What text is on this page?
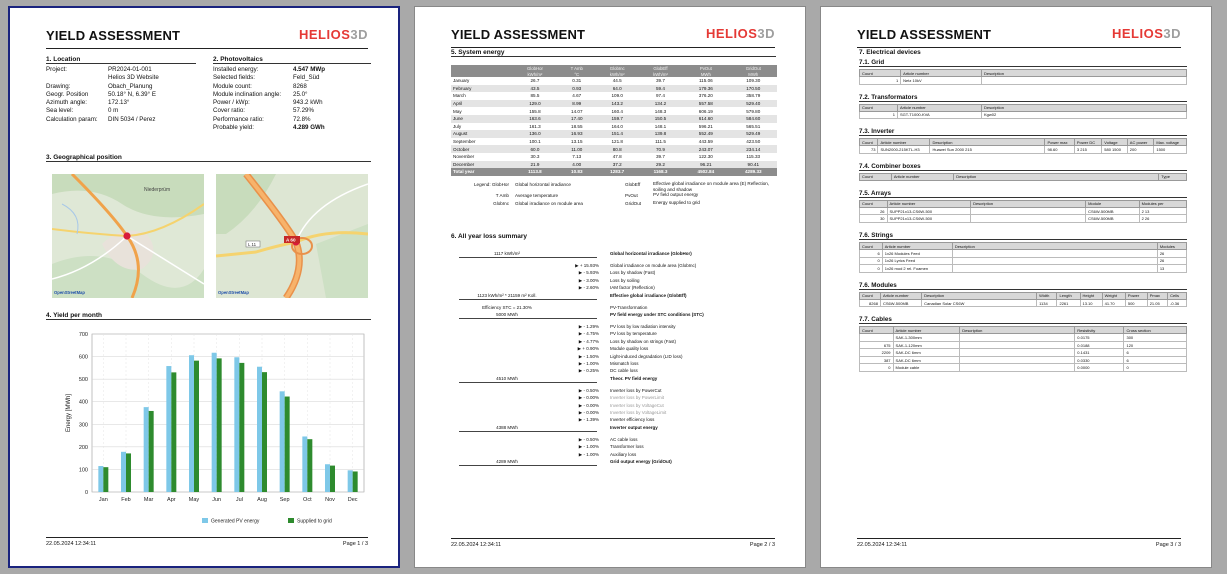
YIELD ASSESSMENT	HELIOS3D
1. Location
Project:	PR2024-01-001
Helios 3D Website
Drawing:	Obach_Planung
Geogr. Position	50.18° N, 6.39° E
Azimuth angle:	172.13°
Sea level:	0 m
Calculation param:	DIN 5034 / Perez
2. Photovoltaics
Installed energy:	4.547 MWp
Selected fields:	Feld_Süd
Module count:	8268
Module inclination angle:	25.0°
Power / kWp:	943.2 kWh
Cover ratio:	57.29%
Performance ratio:	72.8%
Probable yield:	4.289 GWh
3. Geographical position
Niederprüm
OpenStreetMap
A 60
L 11
OpenStreetMap
4. Yield per month
0
100
200
300
400
500
600
700
Jan Feb Mar Apr May Jun	Jul	Aug Sep Oct Nov Dec
Energy [MWh]
Generated PV energy	Supplied to grid
22.05.2024 12:34:11	Page 1 / 3
YIELD ASSESSMENT	HELIOS3D
5. System energy
	GlobHor	T Amb	GlobInc	GlobEff	PvOut	GridOut
	kWh/m²	°C	kWh/m²	kWh/m²	MWh	MWh
January	26.7	0.31	44.5	39.7	115.06	109.30
February	43.5	0.93	64.0	59.4	179.36	170.50
March	85.5	4.67	109.0	97.4	376.20	358.79
April	129.0	8.99	143.2	134.2	557.58	529.40
May	155.8	14.07	160.4	148.3	606.19	579.80
June	163.6	17.40	159.7	150.5	614.60	584.60
July	161.3	18.55	164.0	148.1	596.21	565.51
August	136.0	16.93	151.4	139.8	552.49	529.49
September	100.1	13.15	121.8	111.5	443.59	423.50
October	60.0	11.00	80.8	70.9	243.07	234.14
November	30.3	7.13	47.8	39.7	122.30	115.33
December	21.9	4.00	37.2	29.2	96.21	90.41
Total year	1113.8	10.83	1283.7	1168.3	4502.84	4289.33
Legend: GlobHor	Global horizontal irradiance	GlobEff	Effective global irradiance on module area (E) Reflection, soiling and shadow
T Amb	Average temperature	PvOut	PV field output energy
GlobInc	Global irradiance on module area	GridOut	Energy supplied to grid
6. All year loss summary
1117 kWh/m²	Global horizontal irradiance (GlobHor)
▶ + 15.93% Global irradiance on module area (GlobInc)
▶ - 5.93% Loss by shadow (Fast)
▶ - 3.00% Loss by soiling
▶ - 2.60% IAM factor (Reflection)
1123 kWh/m² * 21159 m² Koll.	Effective global irradiance (GlobEff)
Efficiency STC = 21.30%	PV-Transformation
5000 MWh	PV field energy under STC conditions (STC)
▶ - 1.29% PV loss by low radiation intensity
▶ - 4.75% PV loss by temperature
▶ - 4.77% Loss by shadow on strings (Fast)
▶ + 0.90% Module quality loss
▶ - 1.50% Light-induced degradation (LID loss)
▶ - 1.00% Mismatch loss
▶ - 0.25% DC cable loss
4510 MWh	Theor. PV field energy
▶ - 0.50% Inverter loss by PowerCut
▶ - 0.00% Inverter loss by PowerLimit
▶ - 0.00% Inverter loss by VoltageCut
▶ - 0.00% Inverter loss by VoltageLimit
▶ - 1.39% Inverter efficiency loss
4388 MWh	Inverter output energy
▶ - 0.50% AC cable loss
▶ - 1.00% Transformer loss
▶ - 1.00% Auxiliary loss
4289 MWh	Grid output energy (GridOut)
22.05.2024 12:34:11	Page 2 / 3
YIELD ASSESSMENT	HELIOS3D
7. Electrical devices
7.1. Grid
Count	Article number	Description
1	Netz 10kV	
7.2. Transformators
Count	Article number	Description
1	SGT-T1000-KVA	Kgw02
7.3. Inverter
Count	Article number	Description	Power max	Power DC	Voltage	AC power	Max. voltage
73	SUN2000-215KTL-H3	Huawei Sun 2000 215	98.60	3 215	580 1500	200	1500
7.4. Combiner boxes
Count	Article number	Description	Type
7.5. Arrays
Count	Article number	Description	Module	Modules per
26	SUPP21x13-CS6W-500		CS6W-500MB	2 13
30	SUPP21x13-CS6W-500		CS6W-500MB	2 26
7.6. Strings
Count	Article number	Description	Modules
6	1x26 Modules Feed		26
0	1x26 Lyrics Feed		26
0	1x26 mod 2 rel. Foamen		13
7.6. Modules
Count	Article number	Description	Width	Length	Height	Weight	Power	Pmax	Cells
8268	CS6W-500MB	Canadian Solar CS6W	1134	2261	13.10	41.70	500	21.05	-0.36
7.7. Cables
Count	Article number	Description	Resistivity	Cross section
	SAK-1-300mm		0.0175	300
675	SAK-1-120mm		0.0188	120
2209	SAK-DC 6mm		0.1431	6
387	SAK-DC 6mm		0.0330	6
0	Module cable		0.0000	0
22.05.2024 12:34:11	Page 3 / 3
